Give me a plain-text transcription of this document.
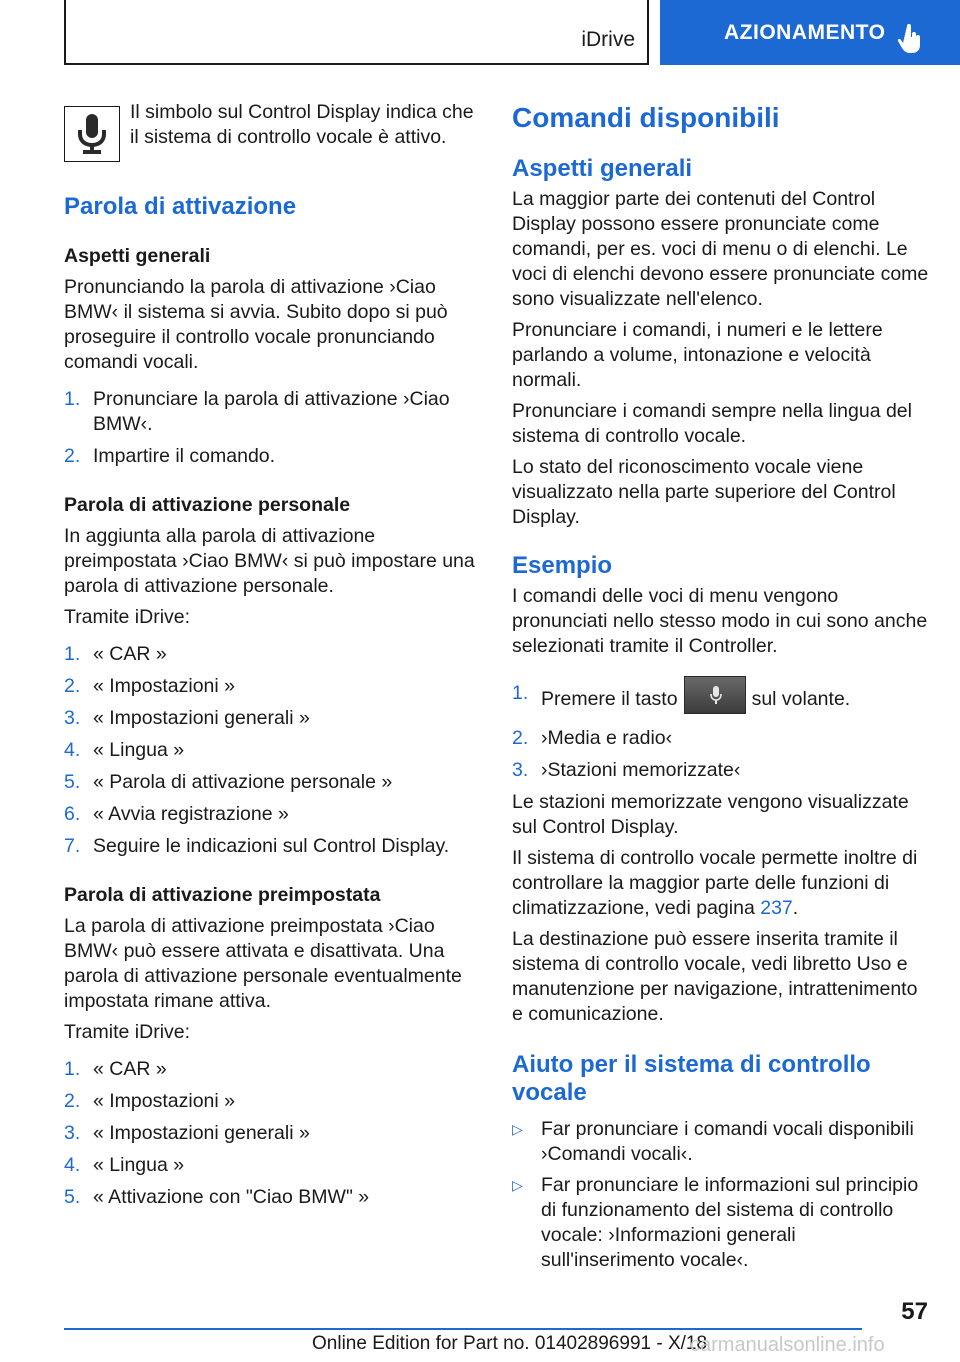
iDrive	AZIONAMENTO

Il simbolo sul Control Display indica che il sistema di controllo vocale è attivo.

Parola di attivazione
Aspetti generali

Pronunciando la parola di attivazione ›Ciao BMW‹ il sistema si avvia. Subito dopo si può proseguire il controllo vocale pronunciando comandi vocali.

1. Pronunciare la parola di attivazione ›Ciao BMW‹.
2. Impartire il comando.
Parola di attivazione personale

In aggiunta alla parola di attivazione preimpostata ›Ciao BMW‹ si può impostare una parola di attivazione personale.

Tramite iDrive:

1. « CAR »
2. « Impostazioni »
3. « Impostazioni generali »
4. « Lingua »
5. « Parola di attivazione personale »
6. « Avvia registrazione »
7. Seguire le indicazioni sul Control Display.
Parola di attivazione preimpostata

La parola di attivazione preimpostata ›Ciao BMW‹ può essere attivata e disattivata. Una parola di attivazione personale eventualmente impostata rimane attiva.

Tramite iDrive:

1. « CAR »
2. « Impostazioni »
3. « Impostazioni generali »
4. « Lingua »
5. « Attivazione con "Ciao BMW" »
Comandi disponibili
Aspetti generali

La maggior parte dei contenuti del Control Display possono essere pronunciate come comandi, per es. voci di menu o di elenchi. Le voci di elenchi devono essere pronunciate come sono visualizzate nell'elenco.

Pronunciare i comandi, i numeri e le lettere parlando a volume, intonazione e velocità normali.

Pronunciare i comandi sempre nella lingua del sistema di controllo vocale.

Lo stato del riconoscimento vocale viene visualizzato nella parte superiore del Control Display.

Esempio

I comandi delle voci di menu vengono pronunciati nello stesso modo in cui sono anche selezionati tramite il Controller.

1. Premere il tasto	sul volante.
2. ›Media e radio‹
3. ›Stazioni memorizzate‹

Le stazioni memorizzate vengono visualizzate sul Control Display.

Il sistema di controllo vocale permette inoltre di controllare la maggior parte delle funzioni di climatizzazione, vedi pagina 237.

La destinazione può essere inserita tramite il sistema di controllo vocale, vedi libretto Uso e manutenzione per navigazione, intrattenimento e comunicazione.

Aiuto per il sistema di controllo vocale
▷ Far pronunciare i comandi vocali disponibili ›Comandi vocali‹.
▷ Far pronunciare le informazioni sul principio di funzionamento del sistema di controllo vocale: ›Informazioni generali sull'inserimento vocale‹.
57
Online Edition for Part no. 01402896991 - X/18
carmanualsonline.info
